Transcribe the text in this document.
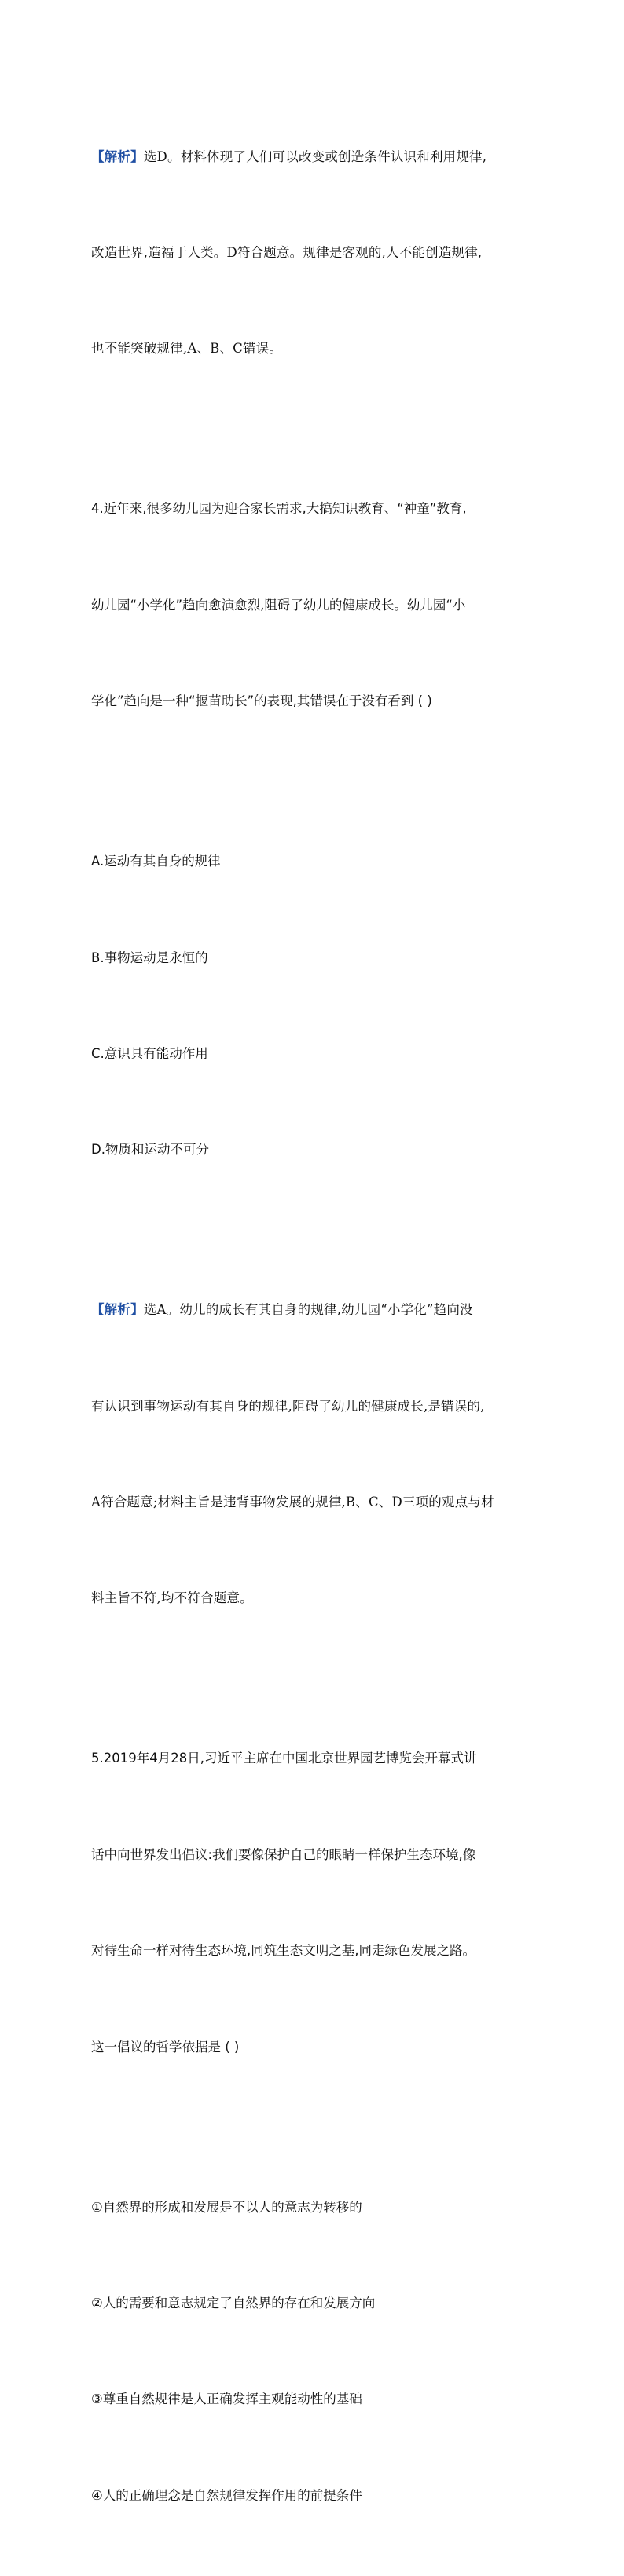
【解析】选D。材料体现了人们可以改变或创造条件认识和利用规律,

改造世界,造福于人类。D符合题意。规律是客观的,人不能创造规律,

也不能突破规律,A、B、C错误。

4.近年来,很多幼儿园为迎合家长需求,大搞知识教育、“神童”教育,

幼儿园“小学化”趋向愈演愈烈,阻碍了幼儿的健康成长。幼儿园“小

学化”趋向是一种“揠苗助长”的表现,其错误在于没有看到 ( )

A.运动有其自身的规律

B.事物运动是永恒的

C.意识具有能动作用

D.物质和运动不可分

【解析】选A。幼儿的成长有其自身的规律,幼儿园“小学化”趋向没

有认识到事物运动有其自身的规律,阻碍了幼儿的健康成长,是错误的,

A符合题意;材料主旨是违背事物发展的规律,B、C、D三项的观点与材

料主旨不符,均不符合题意。

5.2019年4月28日,习近平主席在中国北京世界园艺博览会开幕式讲

话中向世界发出倡议:我们要像保护自己的眼睛一样保护生态环境,像

对待生命一样对待生态环境,同筑生态文明之基,同走绿色发展之路。

这一倡议的哲学依据是 ( )

①自然界的形成和发展是不以人的意志为转移的

②人的需要和意志规定了自然界的存在和发展方向

③尊重自然规律是人正确发挥主观能动性的基础

④人的正确理念是自然规律发挥作用的前提条件
